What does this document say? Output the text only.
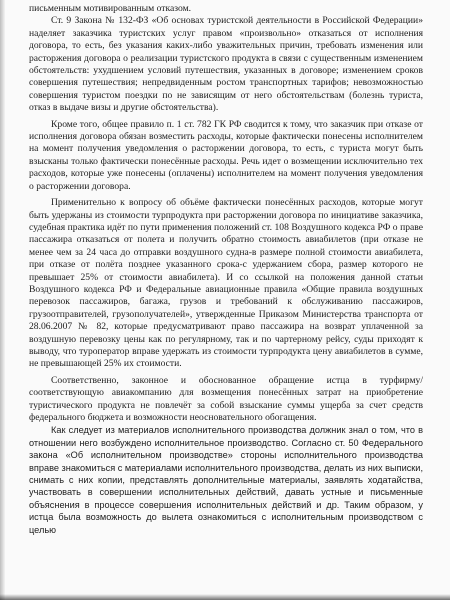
письменным мотивированным отказом.

Ст. 9 Закона № 132-ФЗ «Об основах туристской деятельности в Российской Федерации» наделяет заказчика туристских услуг правом «произвольно» отказаться от исполнения договора, то есть, без указания каких-либо уважительных причин, требовать изменения или расторжения договора о реализации туристского продукта в связи с существенным изменением обстоятельств: ухудшением условий путешествия, указанных в договоре; изменением сроков совершения путешествия; непредвиденным ростом транспортных тарифов; невозможностью совершения туристом поездки по не зависящим от него обстоятельствам (болезнь туриста, отказ в выдаче визы и другие обстоятельства).

Кроме того, общее правило п. 1 ст. 782 ГК РФ сводится к тому, что заказчик при отказе от исполнения договора обязан возместить расходы, которые фактически понесены исполнителем на момент получения уведомления о расторжении договора, то есть, с туриста могут быть взысканы только фактически понесённые расходы. Речь идет о возмещении исключительно тех расходов, которые уже понесены (оплачены) исполнителем на момент получения уведомления о расторжении договора.

Применительно к вопросу об объёме фактически понесённых расходов, которые могут быть удержаны из стоимости турпродукта при расторжении договора по инициативе заказчика, судебная практика идёт по пути применения положений ст. 108 Воздушного кодекса РФ о праве пассажира отказаться от полета и получить обратно стоимость авиабилетов (при отказе не менее чем за 24 часа до отправки воздушного судна-в размере полной стоимости авиабилета, при отказе от полёта позднее указанного срока-с удержанием сбора, размер которого не превышает 25% от стоимости авиабилета). И со ссылкой на положения данной статьи Воздушного кодекса РФ и Федеральные авиационные правила «Общие правила воздушных перевозок пассажиров, багажа, грузов и требований к обслуживанию пассажиров, грузоотправителей, грузополучателей», утвержденные Приказом Министерства транспорта от 28.06.2007 № 82, которые предусматривают право пассажира на возврат уплаченной за воздушную перевозку цены как по регулярному, так и по чартерному рейсу, суды приходят к выводу, что туроператор вправе удержать из стоимости турпродукта цену авиабилетов в сумме, не превышающей 25% их стоимости.

Соответственно, законное и обоснованное обращение истца в турфирму/соответствующую авиакомпанию для возмещения понесённых затрат на приобретение туристического продукта не повлечёт за собой взыскание суммы ущерба за счет средств федерального бюджета и возможности неосновательного обогащения.

Как следует из материалов исполнительного производства должник знал о том, что в отношении него возбуждено исполнительное производство. Согласно ст. 50 Федерального закона «Об исполнительном производстве» стороны исполнительного производства вправе знакомиться с материалами исполнительного производства, делать из них выписки, снимать с них копии, представлять дополнительные материалы, заявлять ходатайства, участвовать в совершении исполнительных действий, давать устные и письменные объяснения в процессе совершения исполнительных действий и др. Таким образом, у истца была возможность до вылета ознакомиться с исполнительным производством с целью
